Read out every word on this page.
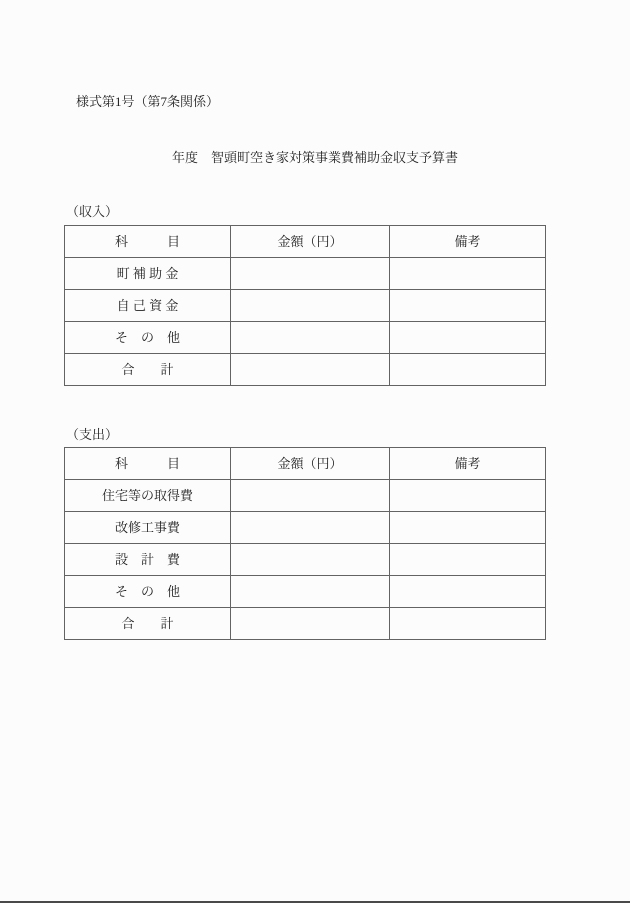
様式第1号（第7条関係）
年度　智頭町空き家対策事業費補助金収支予算書
（収入）
科　　　目	金額（円）	備考
町 補 助 金		
自 己 資 金		
そ　の　他		
合　　計		
（支出）
科　　　目	金額（円）	備考
住宅等の取得費		
改修工事費		
設　計　費		
そ　の　他		
合　　計		
